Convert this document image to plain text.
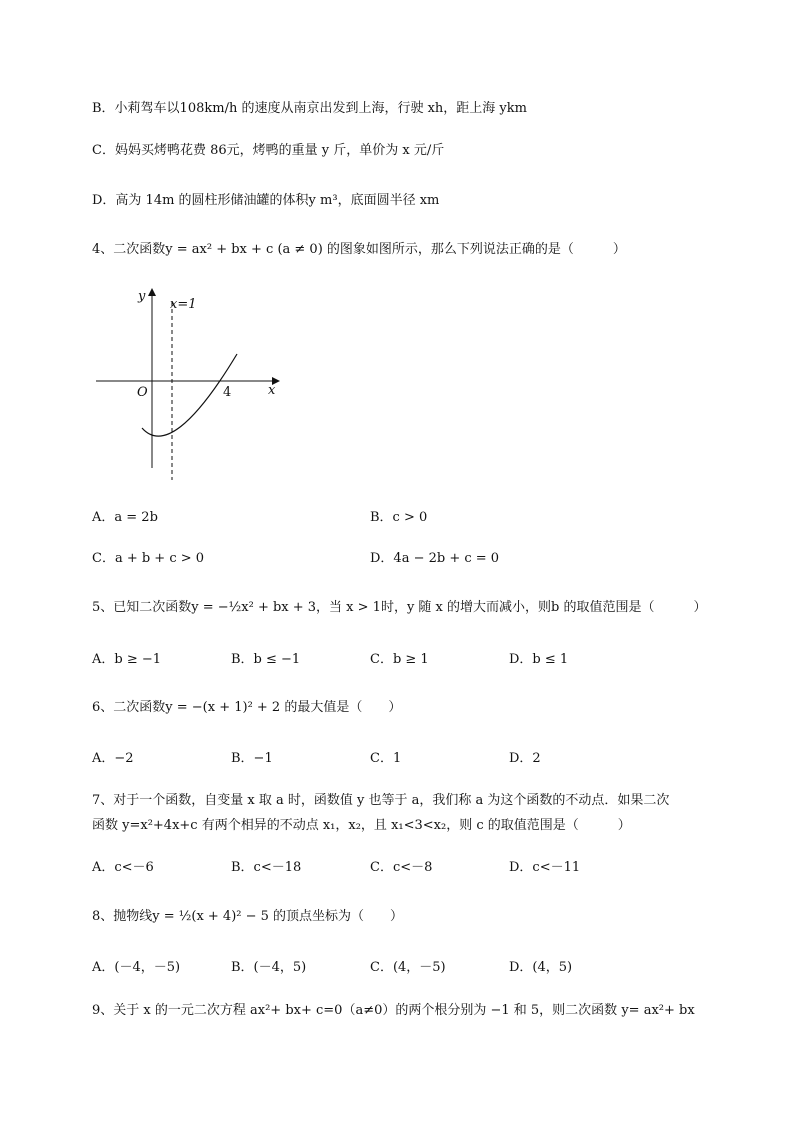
B．小莉驾车以108km/h 的速度从南京出发到上海，行驶 xh，距上海 ykm
C．妈妈买烤鸭花费 86元，烤鸭的重量 y 斤，单价为 x 元/斤
D．高为 14m 的圆柱形储油罐的体积y m³，底面圆半径 xm
4、二次函数y = ax² + bx + c (a ≠ 0) 的图象如图所示，那么下列说法正确的是（　　　）
y
x=1
O	4	x
A．a = 2b	B．c > 0
C．a + b + c > 0	D．4a − 2b + c = 0
5、已知二次函数y = −½x² + bx + 3，当 x > 1时，y 随 x 的增大而减小，则b 的取值范围是（　　　）
A．b ≥ −1	B．b ≤ −1	C．b ≥ 1	D．b ≤ 1
6、二次函数y = −(x + 1)² + 2 的最大值是（　　）
A．−2	B．−1	C．1	D．2
7、对于一个函数，自变量 x 取 a 时，函数值 y 也等于 a，我们称 a 为这个函数的不动点．如果二次
函数 y=x²+4x+c 有两个相异的不动点 x₁，x₂，且 x₁<3<x₂，则 c 的取值范围是（　　　）
A．c<－6	B．c<－18	C．c<－8	D．c<－11
8、抛物线y = ½(x + 4)² − 5 的顶点坐标为（　　）
A．(－4，－5)	B．(－4，5)	C．(4，－5)	D．(4，5)
9、关于 x 的一元二次方程 ax²+ bx+ c=0（a≠0）的两个根分别为 −1 和 5，则二次函数 y= ax²+ bx
